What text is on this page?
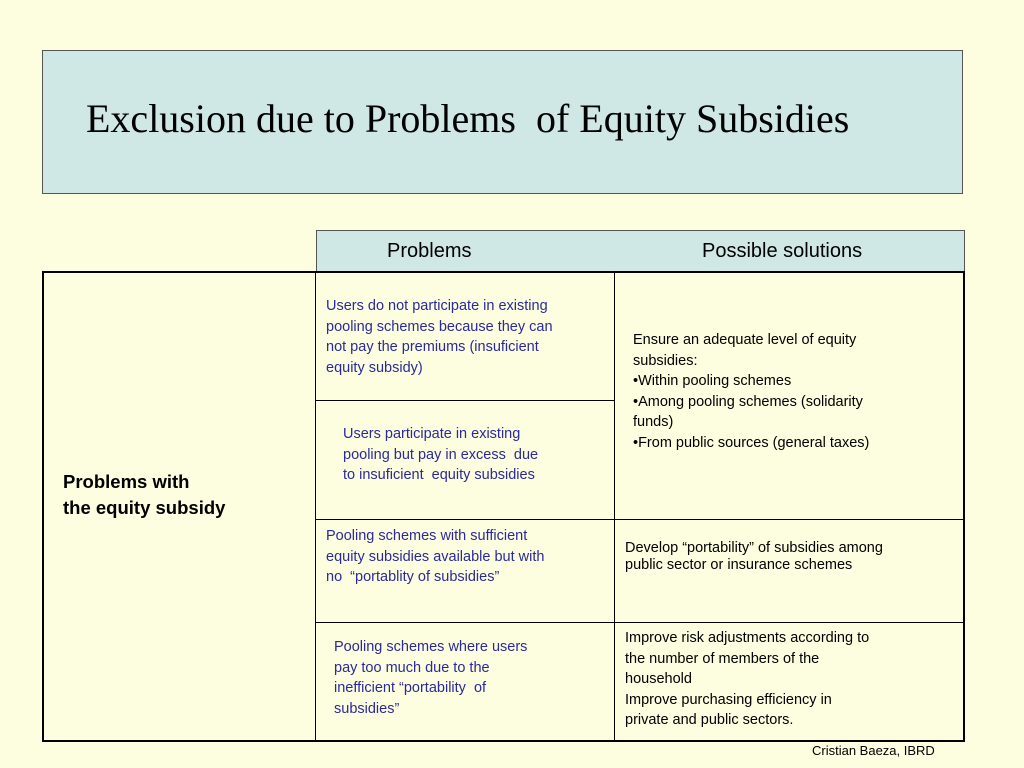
Exclusion due to Problems  of Equity Subsidies
Problems	Possible solutions
Problems with
the equity subsidy
Users do not participate in existing
pooling schemes because they can
not pay the premiums (insuficient
equity subsidy)
Users participate in existing
pooling but pay in excess  due
to insuficient  equity subsidies
Pooling schemes with sufficient
equity subsidies available but with
no  “portablity of subsidies”
Pooling schemes where users
pay too much due to the
inefficient “portability  of
subsidies”
Ensure an adequate level of equity
subsidies:
•Within pooling schemes
•Among pooling schemes (solidarity
funds)
•From public sources (general taxes)
Develop “portability” of subsidies among
public sector or insurance schemes
Improve risk adjustments according to
the number of members of the
household
Improve purchasing efficiency in
private and public sectors.
Cristian Baeza, IBRD
